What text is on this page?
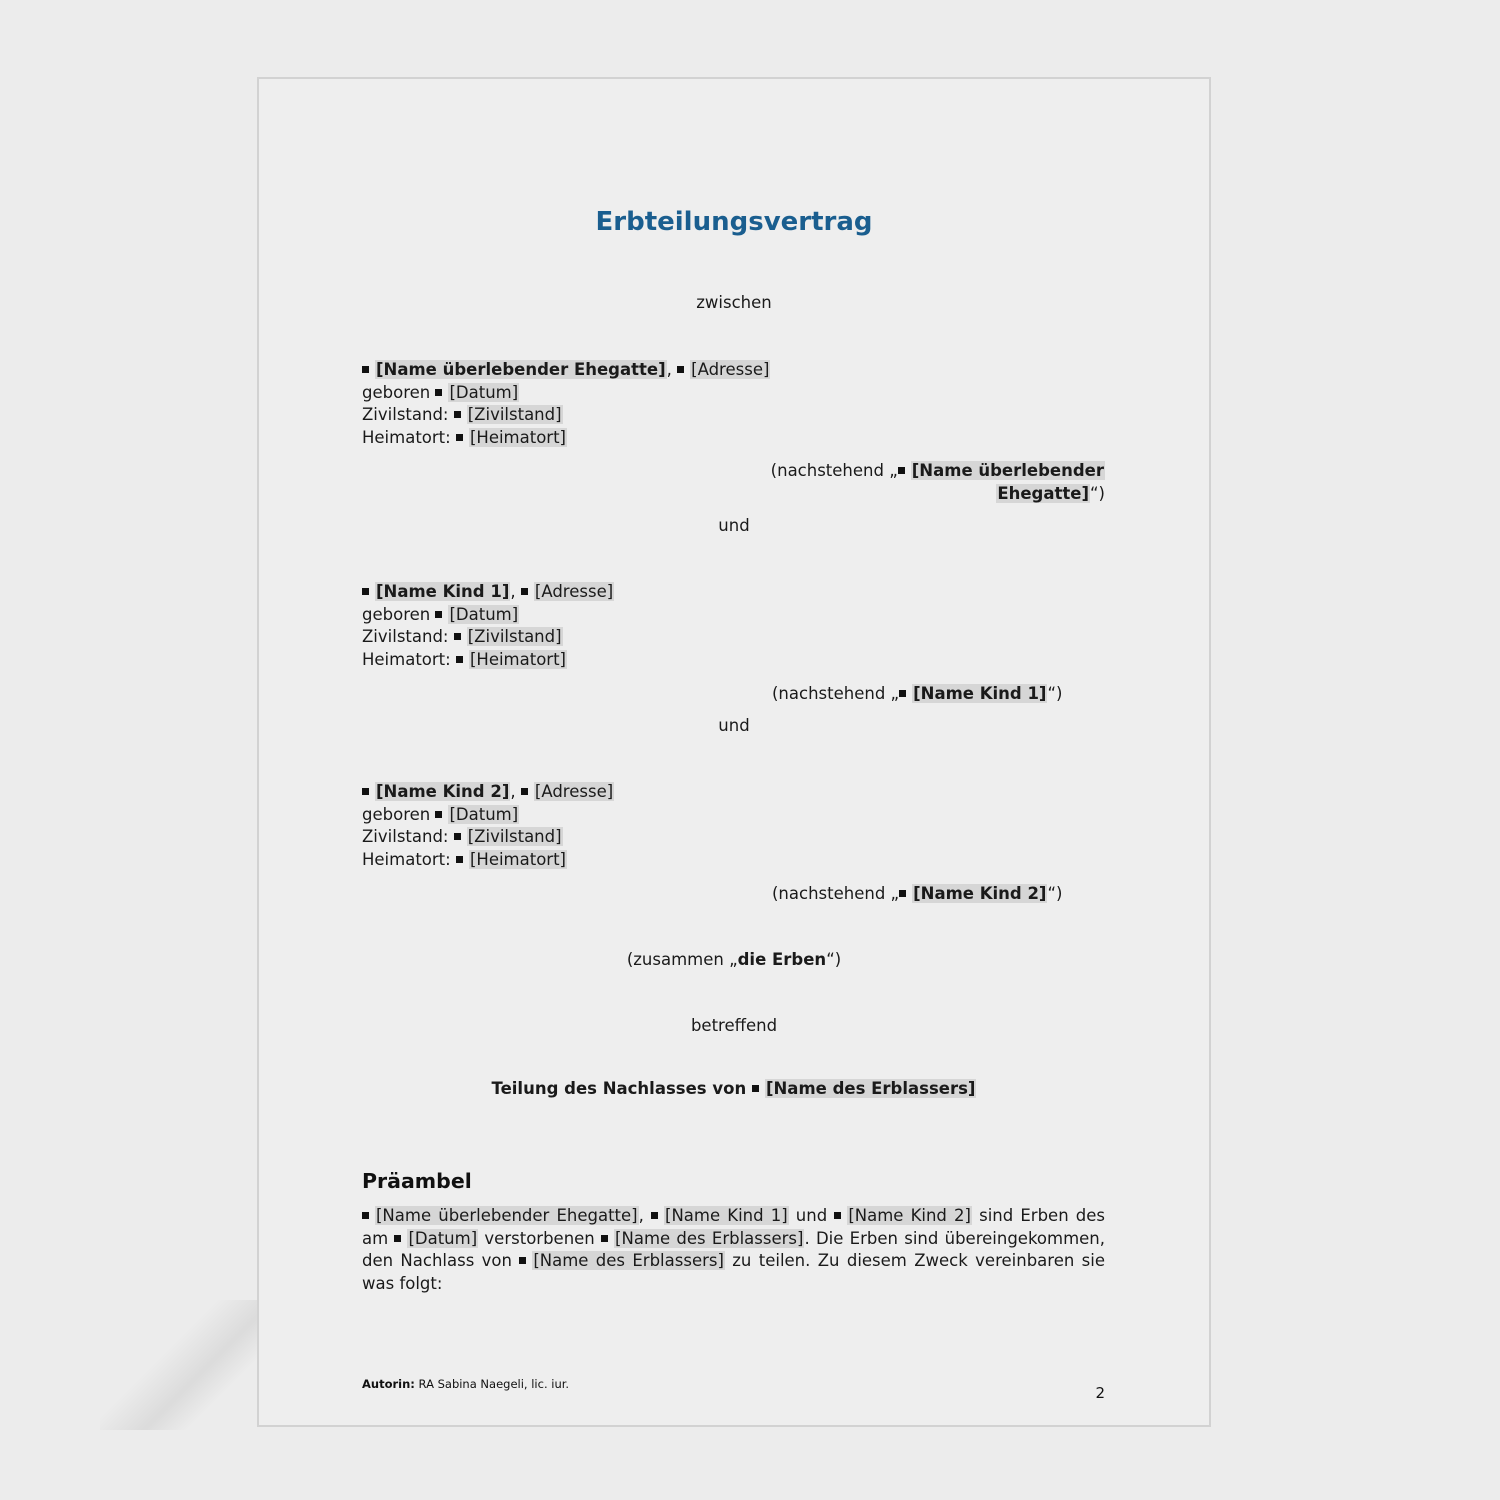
Erbteilungsvertrag
zwischen
[Name überlebender Ehegatte], [Adresse]
geboren [Datum]
Zivilstand: [Zivilstand]
Heimatort: [Heimatort]
(nachstehend „ [Name überlebender
Ehegatte]“)
und
[Name Kind 1], [Adresse]
geboren [Datum]
Zivilstand: [Zivilstand]
Heimatort: [Heimatort]
(nachstehend „ [Name Kind 1]“)
und
[Name Kind 2], [Adresse]
geboren [Datum]
Zivilstand: [Zivilstand]
Heimatort: [Heimatort]
(nachstehend „ [Name Kind 2]“)
(zusammen „die Erben“)
betreffend
Teilung des Nachlasses von [Name des Erblassers]
Präambel
[Name überlebender Ehegatte], [Name Kind 1] und [Name Kind 2] sind Erben des am [Datum] verstorbenen [Name des Erblassers]. Die Erben sind übereingekommen, den Nachlass von [Name des Erblassers] zu teilen. Zu diesem Zweck vereinbaren sie was folgt:
Autorin: RA Sabina Naegeli, lic. iur.	2
